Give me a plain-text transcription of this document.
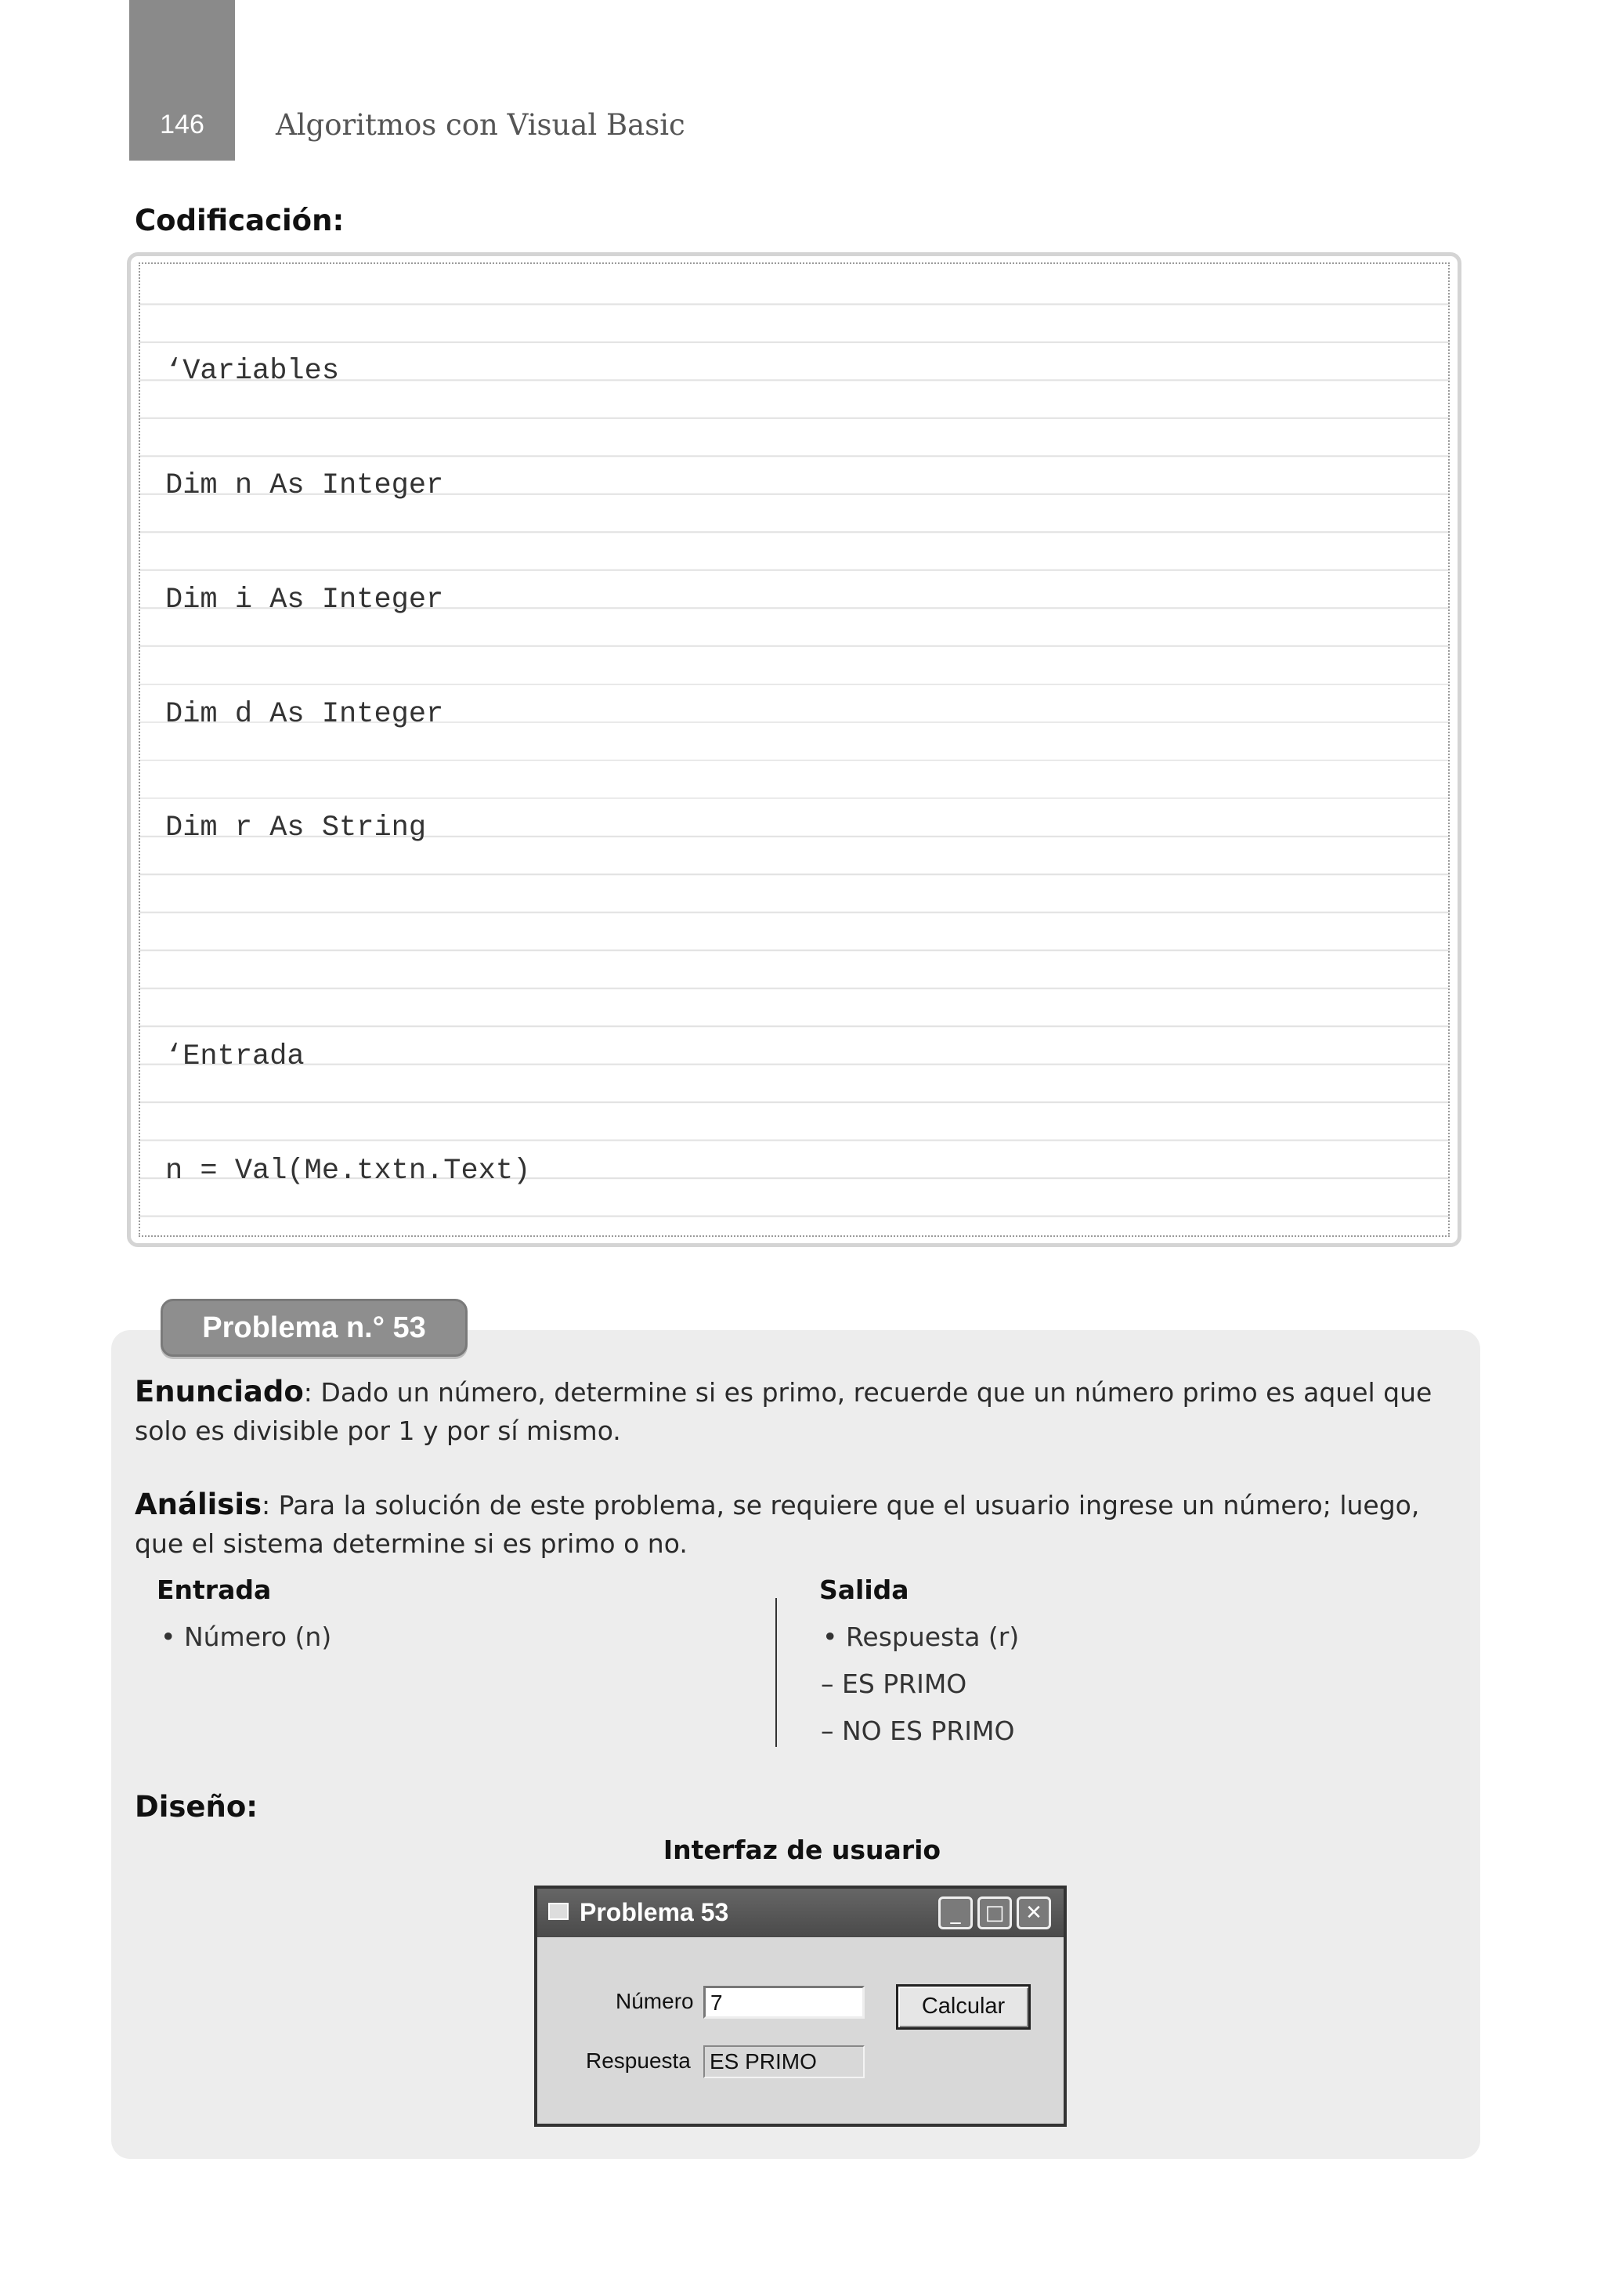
146	Algoritmos con Visual Basic
Codificación:

‘Variables

Dim n As Integer

Dim i As Integer

Dim d As Integer

Dim r As String

‘Entrada

n = Val(Me.txtn.Text)

Problema n.° 53

Enunciado: Dado un número, determine si es primo, recuerde que un número primo es aquel que solo es divisible por 1 y por sí mismo.

Análisis: Para la solución de este problema, se requiere que el usuario ingrese un número; luego, que el sistema determine si es primo o no.

Entrada
• Número (n)
Salida
• Respuesta (r)
– ES PRIMO
– NO ES PRIMO
Diseño:
Interfaz de usuario
Problema 53	_	□	✕
Número 7	Calcular
Respuesta ES PRIMO
